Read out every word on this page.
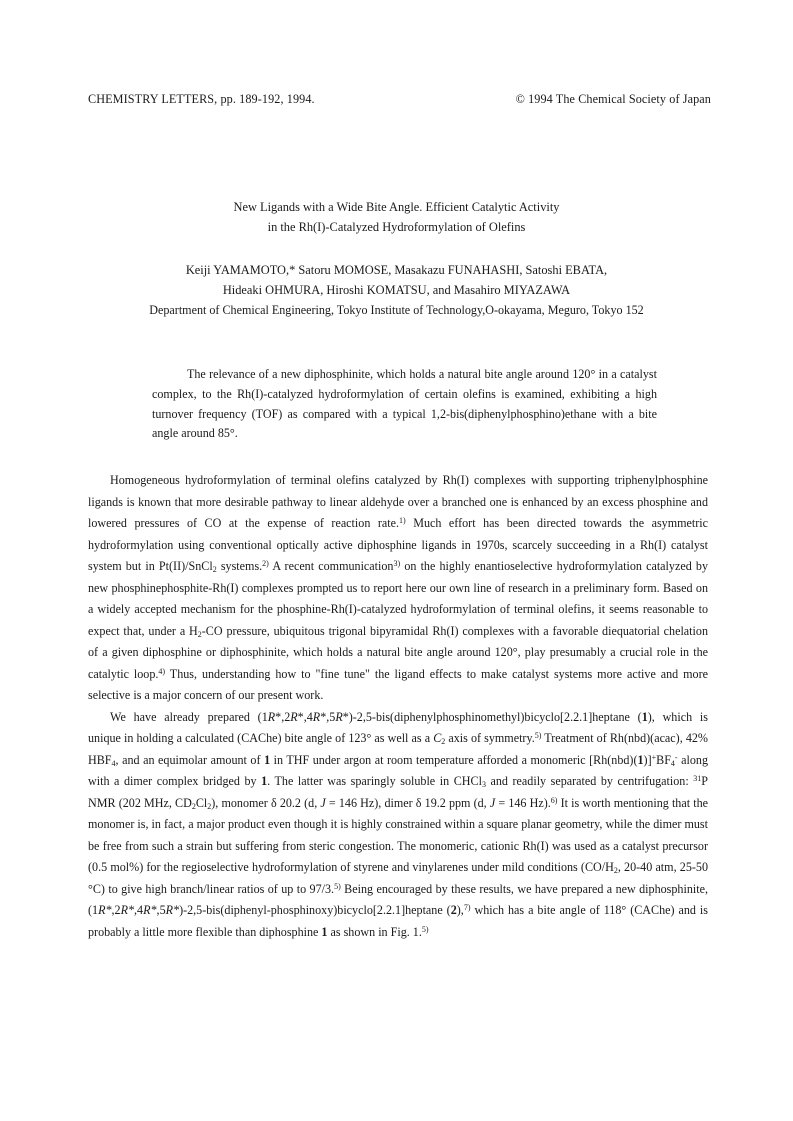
CHEMISTRY LETTERS, pp. 189-192, 1994.	© 1994 The Chemical Society of Japan
New Ligands with a Wide Bite Angle. Efficient Catalytic Activity
in the Rh(I)-Catalyzed Hydroformylation of Olefins
Keiji YAMAMOTO,* Satoru MOMOSE, Masakazu FUNAHASHI, Satoshi EBATA,
Hideaki OHMURA, Hiroshi KOMATSU, and Masahiro MIYAZAWA
Department of Chemical Engineering, Tokyo Institute of Technology,O-okayama, Meguro, Tokyo 152
The relevance of a new diphosphinite, which holds a natural bite angle around 120° in a catalyst complex, to the Rh(I)-catalyzed hydroformylation of certain olefins is examined, exhibiting a high turnover frequency (TOF) as compared with a typical 1,2-bis(diphenylphosphino)ethane with a bite angle around 85°.

Homogeneous hydroformylation of terminal olefins catalyzed by Rh(I) complexes with supporting triphenylphosphine ligands is known that more desirable pathway to linear aldehyde over a branched one is enhanced by an excess phosphine and lowered pressures of CO at the expense of reaction rate.$^{1)}$ Much effort has been directed towards the asymmetric hydroformylation using conventional optically active diphosphine ligands in 1970s, scarcely succeeding in a Rh(I) catalyst system but in Pt(II)/SnCl$_2$ systems.$^{2)}$ A recent communication$^{3)}$ on the highly enantioselective hydroformylation catalyzed by new phosphinephosphite-Rh(I) complexes prompted us to report here our own line of research in a preliminary form. Based on a widely accepted mechanism for the phosphine-Rh(I)-catalyzed hydroformylation of terminal olefins, it seems reasonable to expect that, under a $H_2-CO$ pressure, ubiquitous trigonal bipyramidal Rh(I) complexes with a favorable diequatorial chelation of a given diphosphine or diphosphinite, which holds a natural bite angle around 120°, play presumably a crucial role in the catalytic loop.$^{4)}$ Thus, understanding how to "fine tune" the ligand effects to make catalyst systems more active and more selective is a major concern of our present work.

We have already prepared (1R*,2R*,4R*,5R*)-2,5-bis(diphenylphosphinomethyl)bicyclo[2.2.1]heptane (1), which is unique in holding a calculated (CAChe) bite angle of 123° as well as a $C_2$ axis of symmetry.$^{5)}$ Treatment of Rh(nbd)(acac), 42% $HBF_4$, and an equimolar amount of 1 in THF under argon at room temperature afforded a monomeric $[Rh(nbd)(1)]^+BF_4^-$ along with a dimer complex bridged by 1. The latter was sparingly soluble in CHCl$_3$ and readily separated by centrifugation: $^{31}$P NMR (202 MHz, $CD_2Cl_2$), monomer δ 20.2 (d, J = 146 Hz), dimer δ 19.2 ppm (d, J = 146 Hz).$^{6)}$ It is worth mentioning that the monomer is, in fact, a major product even though it is highly constrained within a square planar geometry, while the dimer must be free from such a strain but suffering from steric congestion. The monomeric, cationic Rh(I) was used as a catalyst precursor (0.5 mol%) for the regioselective hydroformylation of styrene and vinylarenes under mild conditions ($CO/H_2$, 20-40 atm, 25-50 °C) to give high branch/linear ratios of up to 97/3.$^{5)}$ Being encouraged by these results, we have prepared a new diphosphinite, (1R*,2R*,4R*,5R*)-2,5-bis(diphenyl-phosphinoxy)bicyclo[2.2.1]heptane (2),$^{7)}$ which has a bite angle of 118° (CAChe) and is probably a little more flexible than diphosphine 1 as shown in Fig. 1.$^{5)}$
